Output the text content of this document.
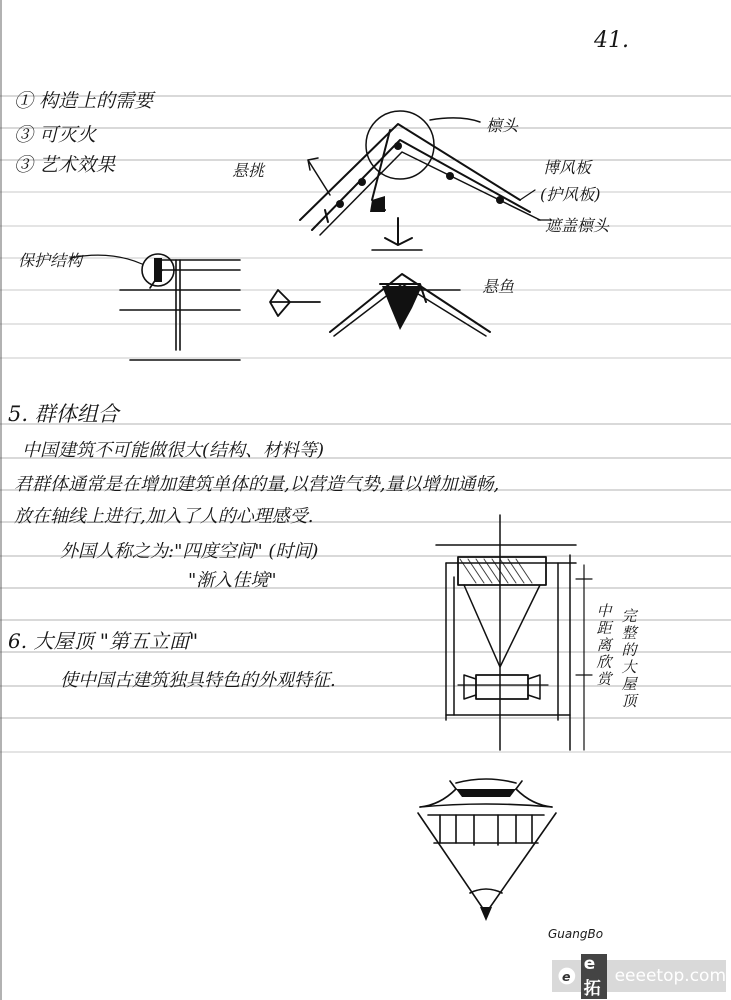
41.
① 构造上的需要
③ 可灭火
③ 艺术效果	悬挑
檩头
博风板
(护风板)
遮盖檩头
保护结构
悬鱼
5. 群体组合
中国建筑不可能做很大(结构、材料等)
君群体通常是在增加建筑单体的量,以营造气势,量以增加通畅,
放在轴线上进行,加入了人的心理感受.
外国人称之为:"四度空间" (时间)
"渐入佳境"
6. 大屋顶 "第五立面"
使中国古建筑独具特色的外观特征.
中距离欣赏
完整的大屋顶
GuangBo
e
e拓
eeeetop.com
